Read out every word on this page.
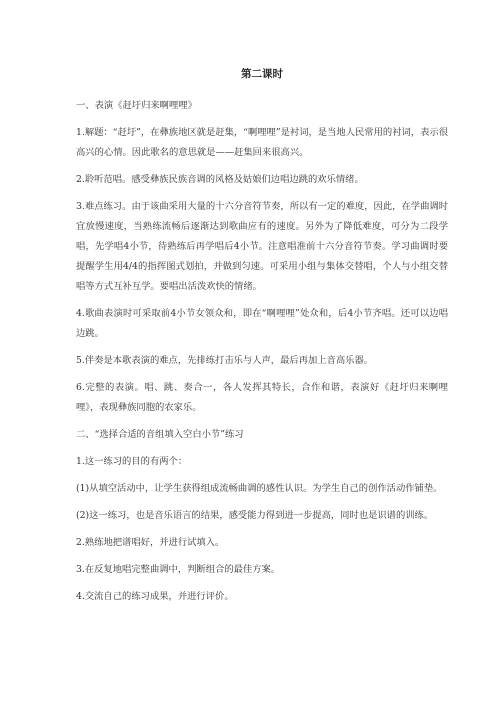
第二课时
一、表演《赶圩归来啊哩哩》
1.解题：“赶圩”，在彝族地区就是赶集，“啊哩哩”是衬词，是当地人民常用的衬词，表示很高兴的心情。因此歌名的意思就是——赶集回来很高兴。
2.聆听范唱。感受彝族民族音调的风格及姑娘们边唱边跳的欢乐情绪。
3.难点练习。由于该曲采用大量的十六分音符节奏，所以有一定的难度，因此，在学曲调时宜放慢速度，当熟练流畅后逐渐达到歌曲应有的速度。另外为了降低难度，可分为二段学唱，先学唱4小节，待熟练后再学唱后4小节。注意唱准前十六分音符节奏。学习曲调时要提醒学生用4/4的指挥图式划拍，并做到匀速。可采用小组与集体交替唱，个人与小组交替唱等方式互补互学。要唱出活泼欢快的情绪。
4.歌曲表演时可采取前4小节女领众和，即在“啊哩哩”处众和，后4小节齐唱。还可以边唱边跳。
5.伴奏是本歌表演的难点，先排练打击乐与人声，最后再加上音高乐器。
6.完整的表演。唱、跳、奏合一，各人发挥其特长，合作和谐，表演好《赶圩归来啊哩哩》，表现彝族同胞的农家乐。
二、“选择合适的音组填入空白小节”练习
1.这一练习的目的有两个：
(1)从填空活动中，让学生获得组成流畅曲调的感性认识。为学生自己的创作活动作铺垫。
(2)这一练习，也是音乐语言的结果，感受能力得到进一步提高，同时也是识谱的训练。
2.熟练地把谱唱好，并进行试填入。
3.在反复地唱完整曲调中，判断组合的最佳方案。
4.交流自己的练习成果，并进行评价。
